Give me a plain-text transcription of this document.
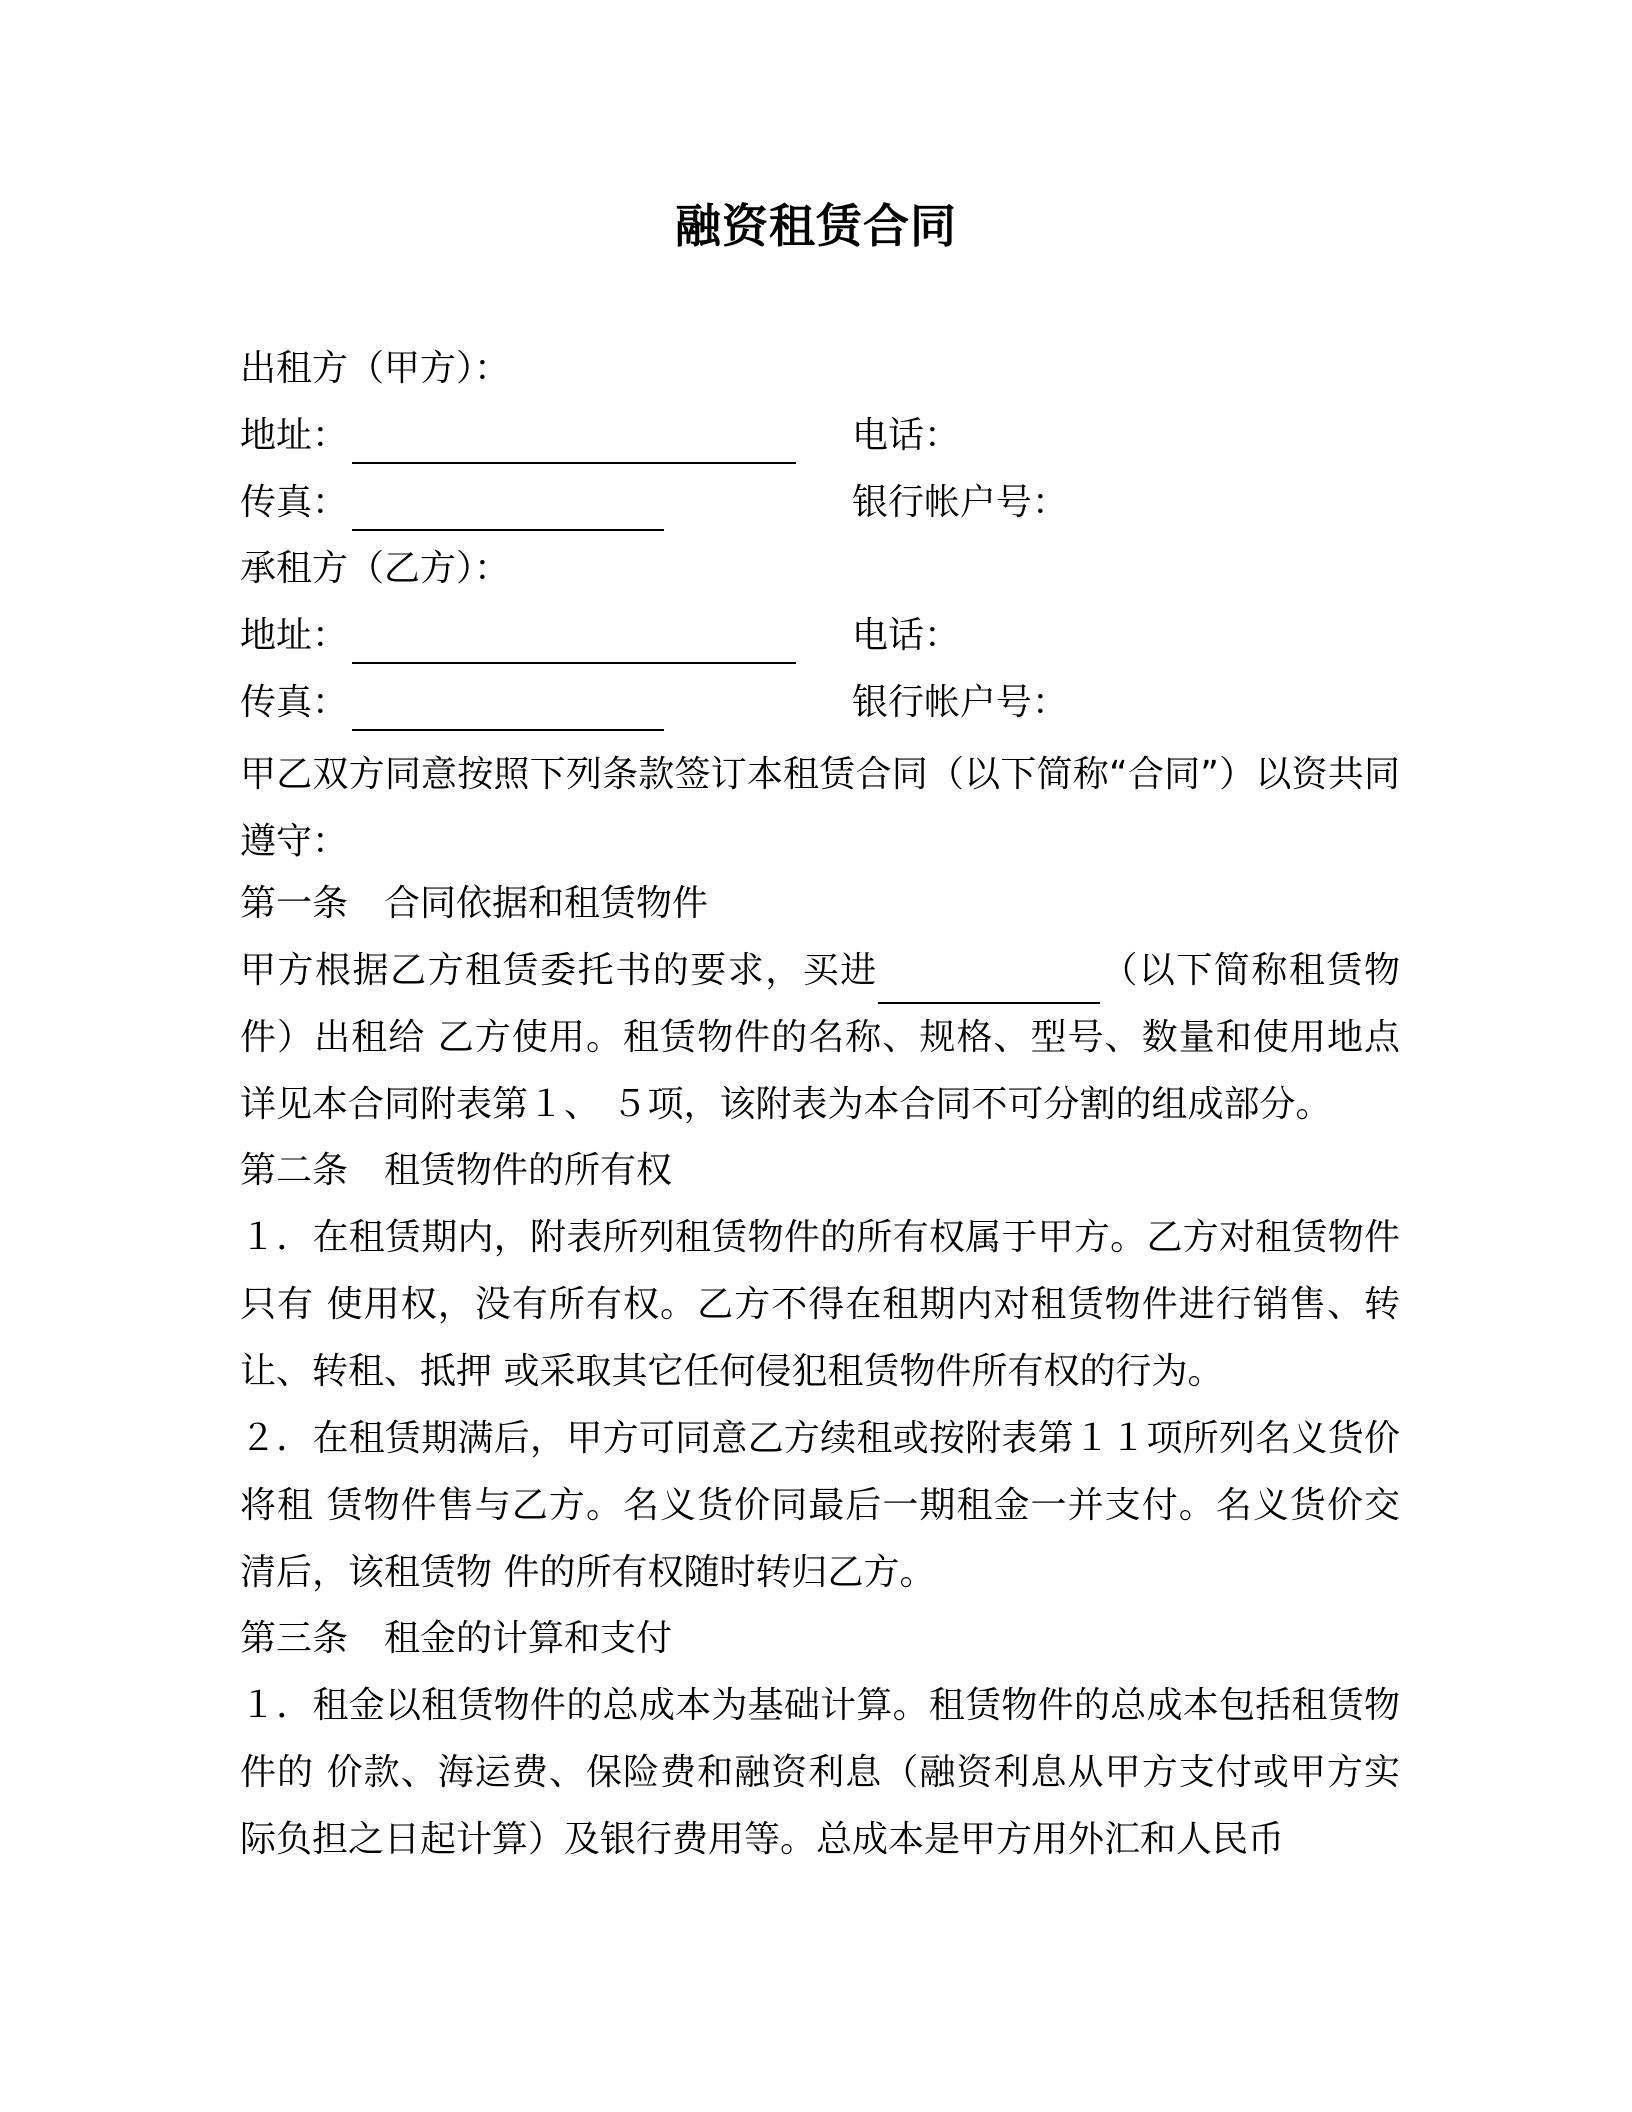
融资租赁合同
出租方（甲方）：
地址：	电话：
传真：	银行帐户号：
承租方（乙方）：
地址：	电话：
传真：	银行帐户号：
甲乙双方同意按照下列条款签订本租赁合同（以下简称“合同”）以资共同遵守：
第一条　合同依据和租赁物件
甲方根据乙方租赁委托书的要求，买进	（以下简称租赁物件）出租给 乙方使用。租赁物件的名称、规格、型号、数量和使用地点详见本合同附表第１、 ５项，该附表为本合同不可分割的组成部分。
第二条　租赁物件的所有权
１．在租赁期内，附表所列租赁物件的所有权属于甲方。乙方对租赁物件只有 使用权，没有所有权。乙方不得在租期内对租赁物件进行销售、转让、转租、抵押 或采取其它任何侵犯租赁物件所有权的行为。
２．在租赁期满后，甲方可同意乙方续租或按附表第１１项所列名义货价将租 赁物件售与乙方。名义货价同最后一期租金一并支付。名义货价交清后，该租赁物 件的所有权随时转归乙方。
第三条　租金的计算和支付
１．租金以租赁物件的总成本为基础计算。租赁物件的总成本包括租赁物件的 价款、海运费、保险费和融资利息（融资利息从甲方支付或甲方实际负担之日起计算）及银行费用等。总成本是甲方用外汇和人民币
